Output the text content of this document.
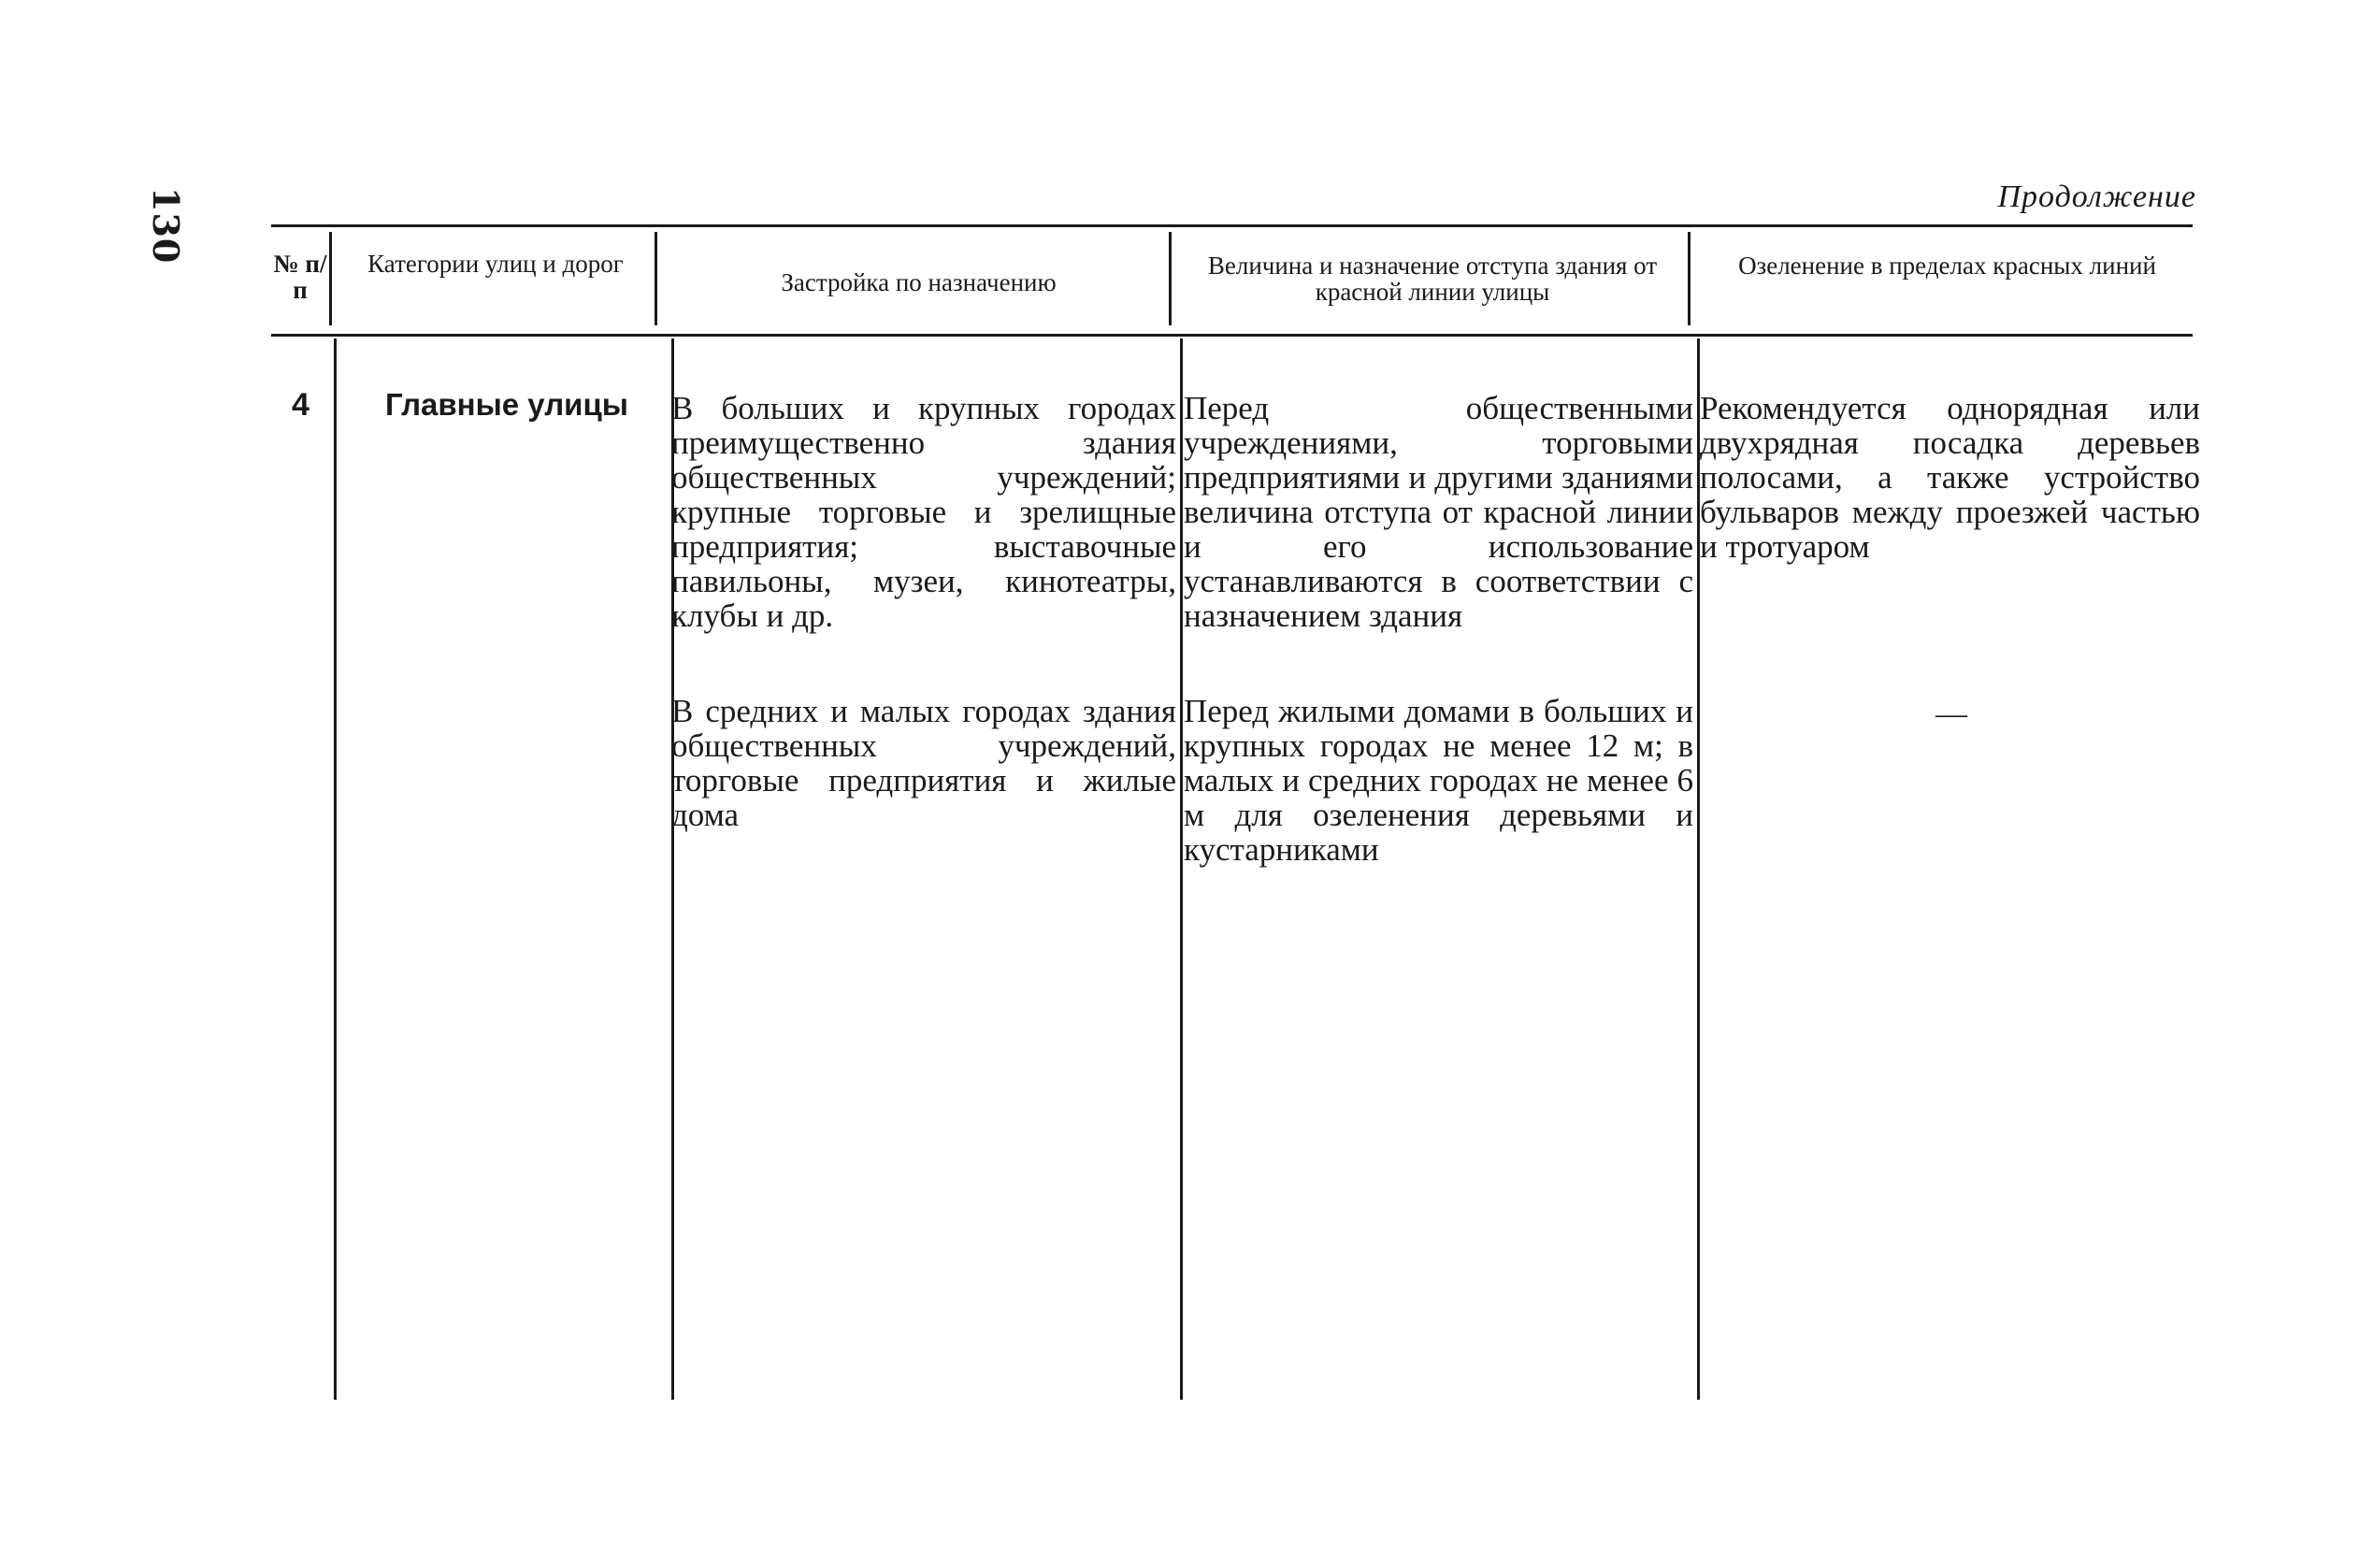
130	Продолжение
№ п/п
Категории улиц и дорог
Застройка по назначению
Величина и назначение отступа здания от красной линии улицы
Озеленение в пределах красных линий
4 Главные улицы В больших и крупных городах преимущественно здания общественных учреждений; крупные торговые и зрелищные предприятия; выставочные павильоны, музеи, кинотеатры, клубы и др.
В средних и малых городах здания общественных учреждений, торговые предприятия и жилые дома
Перед общественными учреждениями, торговыми предприятиями и другими зданиями величина отступа от красной линии и его использование устанавливаются в соответствии с назначением здания
Перед жилыми домами в больших и крупных городах не менее 12 м; в малых и средних городах не менее 6 м для озеленения деревьями и кустарниками
Рекомендуется однорядная или двухрядная посадка деревьев полосами, а также устройство бульваров между проезжей частью и тротуаром
—
